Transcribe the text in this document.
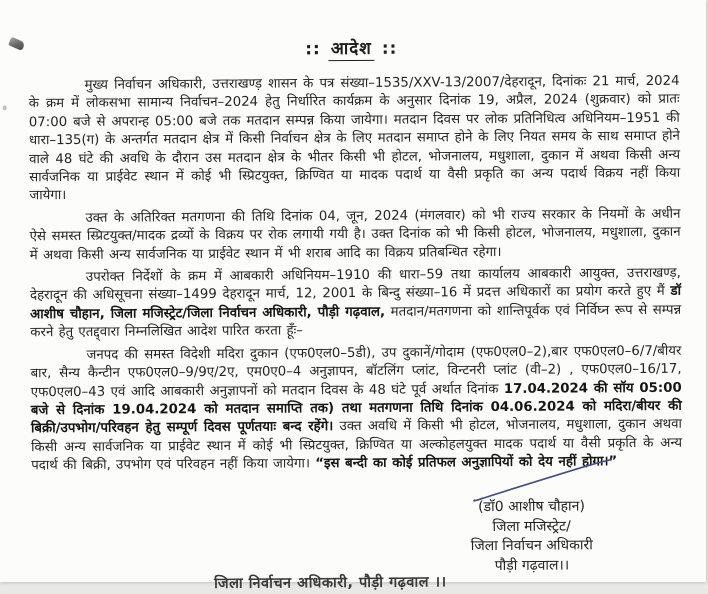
:: आदेश ::

मुख्य निर्वाचन अधिकारी, उत्तराखण्ड़ शासन के पत्र संख्या–1535/XXV-13/2007/देहरादून, दिनांकः 21 मार्च, 2024 के क्रम में लोकसभा सामान्य निर्वाचन–2024 हेतु निर्धारित कार्यक्रम के अनुसार दिनांक 19, अप्रैल, 2024 (शुक्रवार) को प्रातः 07:00 बजे से अपरान्ह 05:00 बजे तक मतदान सम्पन्न किया जायेगा। मतदान दिवस पर लोक प्रतिनिधित्व अधिनियम–1951 की धारा–135(ग) के अन्तर्गत मतदान क्षेत्र में किसी निर्वाचन क्षेत्र के लिए मतदान समाप्त होने के लिए नियत समय के साथ समाप्त होने वाले 48 घंटे की अवधि के दौरान उस मतदान क्षेत्र के भीतर किसी भी होटल, भोजनालय, मधुशाला, दुकान में अथवा किसी अन्य सार्वजनिक या प्राईवेट स्थान में कोई भी स्प्रिटयुक्त, क्रिण्वित या मादक पदार्थ या वैसी प्रकृति का अन्य पदार्थ विक्रय नहीं किया जायेगा।

उक्त के अतिरिक्त मतगणना की तिथि दिनांक 04, जून, 2024 (मंगलवार) को भी राज्य सरकार के नियमों के अधीन ऐसे समस्त स्प्रिटयुक्त/मादक द्रव्यों के विक्रय पर रोक लगायी गयी है। उक्त दिनांक को भी किसी होटल, भोजनालय, मधुशाला, दुकान में अथवा किसी अन्य सार्वजनिक या प्राईवेट स्थान में भी शराब आदि का विक्रय प्रतिबन्धित रहेगा।

उपरोक्त निर्देशों के क्रम में आबकारी अधिनियम–1910 की धारा–59 तथा कार्यालय आबकारी आयुक्त, उत्तराखण्ड़, देहरादून की अधिसूचना संख्या–1499 देहरादून मार्च, 12, 2001 के बिन्दु संख्या–16 में प्रदत्त अधिकारों का प्रयोग करते हुए मैं डॉ आशीष चौहान, जिला मजिस्ट्रेट/जिला निर्वाचन अधिकारी, पौड़ी गढ़वाल, मतदान/मतगणना को शान्तिपूर्वक एवं निर्विघ्न रूप से सम्पन्न करने हेतु एतद्द्वारा निम्नलिखित आदेश पारित करता हूँः–

जनपद की समस्त विदेशी मदिरा दुकान (एफ0एल0–5डी), उप दुकानें/गोदाम (एफ0एल0–2),बार एफ0एल0–6/7/बीयर बार, सैन्य कैन्टीन एफ0एल0–9/9ए/2ए, एम0ए0–4 अनुज्ञापन, बॉटलिंग प्लांट, विन्टनरी प्लांट (वी–2) , एफ0एल0–16/17, एफ0एल0–43 एवं आदि आबकारी अनुज्ञापनों को मतदान दिवस के 48 घंटे पूर्व अर्थात दिनांक 17.04.2024 की सॉय 05:00 बजे से दिनांक 19.04.2024 को मतदान समाप्ति तक) तथा मतगणना तिथि दिनांक 04.06.2024 को मदिरा/बीयर की बिक्री/उपभोग/परिवहन हेतु सम्पूर्ण दिवस पूर्णतयाः बन्द रहेंगे। उक्त अवधि में किसी भी होटल, भोजनालय, मधुशाला, दुकान अथवा किसी अन्य सार्वजनिक या प्राईवेट स्थान में कोई भी स्प्रिटयुक्त, क्रिण्वित या अल्कोहलयुक्त मादक पदार्थ या वैसी प्रकृति के अन्य पदार्थ की बिक्री, उपभोग एवं परिवहन नहीं किया जायेगा। “इस बन्दी का कोई प्रतिफल अनुज्ञापियों को देय नहीं होगा।”

(डॉ0 आशीष चौहान)
जिला मजिस्ट्रेट/
जिला निर्वाचन अधिकारी
पौड़ी गढ़वाल।।
जिला निर्वाचन अधिकारी, पौड़ी गढ़वाल ।।
